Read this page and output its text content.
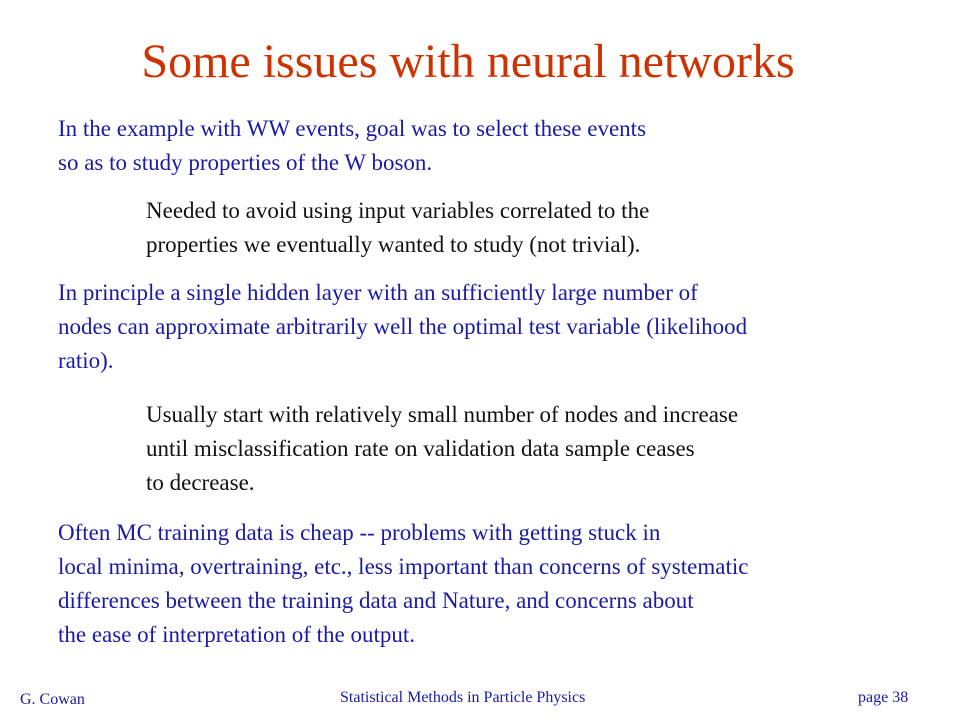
Some issues with neural networks
In the example with WW events, goal was to select these events
so as to study properties of the W boson.
Needed to avoid using input variables correlated to the
properties we eventually wanted to study (not trivial).
In principle a single hidden layer with an sufficiently large number of
nodes can approximate arbitrarily well the optimal test variable (likelihood
ratio).
Usually start with relatively small number of nodes and increase
until misclassification rate on validation data sample ceases
to decrease.
Often MC training data is cheap -- problems with getting stuck in
local minima, overtraining, etc., less important than concerns of systematic
differences between the training data and Nature, and concerns about
the ease of interpretation of the output.
G. Cowan	Statistical Methods in Particle Physics	page 38
